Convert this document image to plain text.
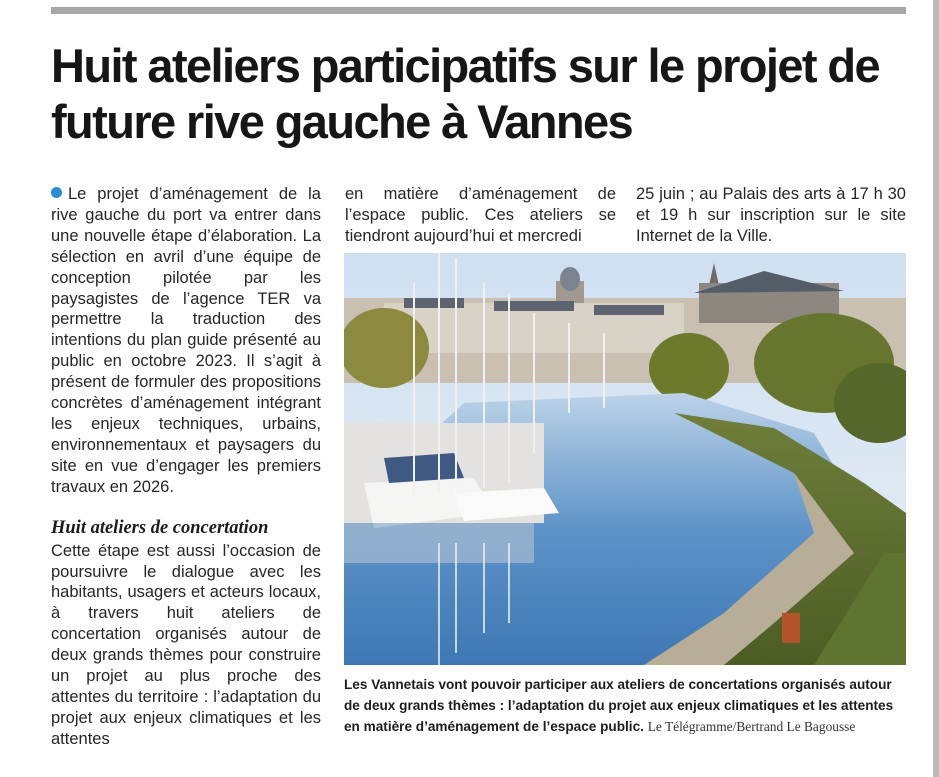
Huit ateliers participatifs sur le projet de future rive gauche à Vannes

Le projet d’aménagement de la rive gauche du port va entrer dans une nouvelle étape d’élaboration. La sélection en avril d’une équipe de conception pilotée par les paysagistes de l’agence TER va permettre la traduction des intentions du plan guide présenté au public en octobre 2023. Il s’agit à présent de formuler des propositions concrètes d’aménagement intégrant les enjeux techniques, urbains, environnementaux et paysagers du site en vue d’engager les premiers travaux en 2026.

Huit ateliers de concertation

Cette étape est aussi l’occasion de poursuivre le dialogue avec les habitants, usagers et acteurs locaux, à travers huit ateliers de concertation organisés autour de deux grands thèmes pour construire un projet au plus proche des attentes du territoire : l’adaptation du projet aux enjeux climatiques et les attentes

en matière d’aménagement de l’espace public. Ces ateliers se tiendront aujourd’hui et mercredi

25 juin ; au Palais des arts à 17 h 30 et 19 h sur inscription sur le site Internet de la Ville.

Les Vannetais vont pouvoir participer aux ateliers de concertations organisés autour de deux grands thèmes : l’adaptation du projet aux enjeux climatiques et les attentes en matière d’aménagement de l’espace public. Le Télégramme/Bertrand Le Bagousse
